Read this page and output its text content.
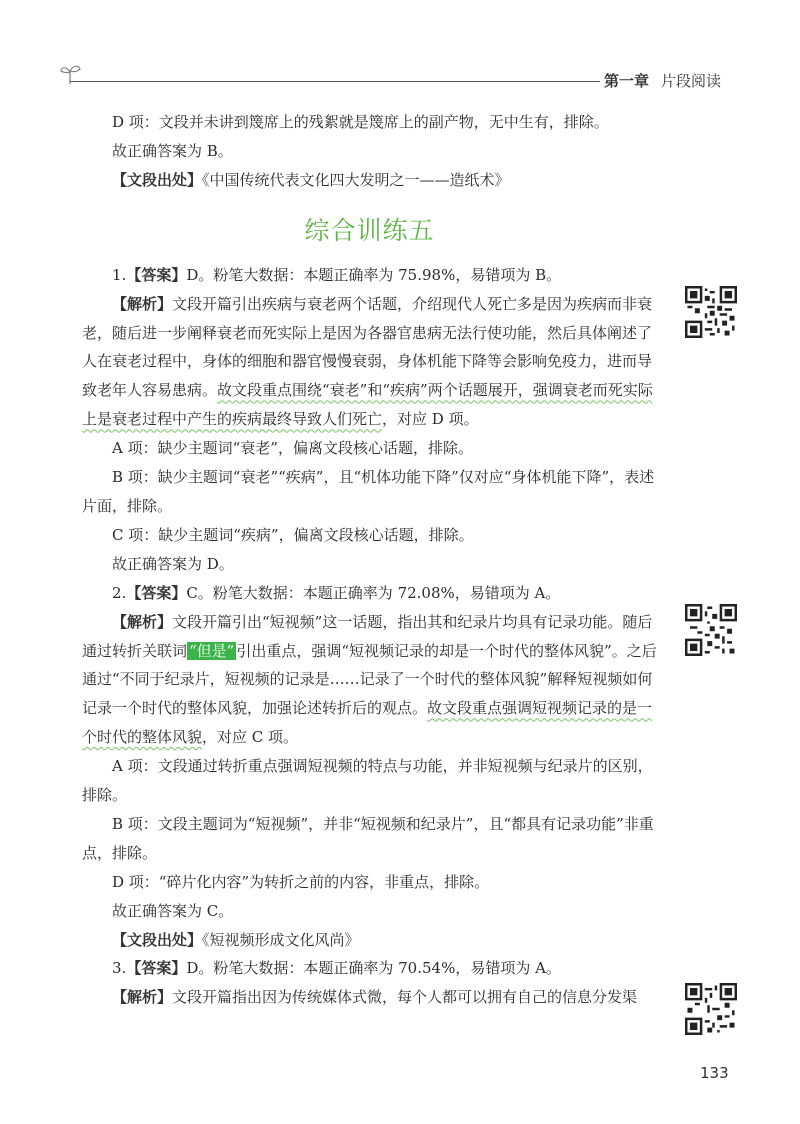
第一章 片段阅读

D 项：文段并未讲到篾席上的残絮就是篾席上的副产物，无中生有，排除。

故正确答案为 B。

【文段出处】《中国传统代表文化四大发明之一——造纸术》

综合训练五

1.【答案】D。粉笔大数据：本题正确率为 75.98%，易错项为 B。

【解析】文段开篇引出疾病与衰老两个话题，介绍现代人死亡多是因为疾病而非衰老，随后进一步阐释衰老而死实际上是因为各器官患病无法行使功能，然后具体阐述了人在衰老过程中，身体的细胞和器官慢慢衰弱，身体机能下降等会影响免疫力，进而导致老年人容易患病。故文段重点围绕“衰老”和“疾病”两个话题展开，强调衰老而死实际上是衰老过程中产生的疾病最终导致人们死亡，对应 D 项。

A 项：缺少主题词“衰老”，偏离文段核心话题，排除。

B 项：缺少主题词“衰老”“疾病”，且“机体功能下降”仅对应“身体机能下降”，表述片面，排除。

C 项：缺少主题词“疾病”，偏离文段核心话题，排除。

故正确答案为 D。

2.【答案】C。粉笔大数据：本题正确率为 72.08%，易错项为 A。

【解析】文段开篇引出“短视频”这一话题，指出其和纪录片均具有记录功能。随后通过转折关联词 “但是” 引出重点，强调“短视频记录的却是一个时代的整体风貌”。之后通过“不同于纪录片，短视频的记录是……记录了一个时代的整体风貌”解释短视频如何记录一个时代的整体风貌，加强论述转折后的观点。故文段重点强调短视频记录的是一个时代的整体风貌，对应 C 项。

A 项：文段通过转折重点强调短视频的特点与功能，并非短视频与纪录片的区别，排除。

B 项：文段主题词为“短视频”，并非“短视频和纪录片”，且“都具有记录功能”非重点，排除。

D 项：“碎片化内容”为转折之前的内容，非重点，排除。

故正确答案为 C。

【文段出处】《短视频形成文化风尚》

3.【答案】D。粉笔大数据：本题正确率为 70.54%，易错项为 A。

【解析】文段开篇指出因为传统媒体式微，每个人都可以拥有自己的信息分发渠

133
